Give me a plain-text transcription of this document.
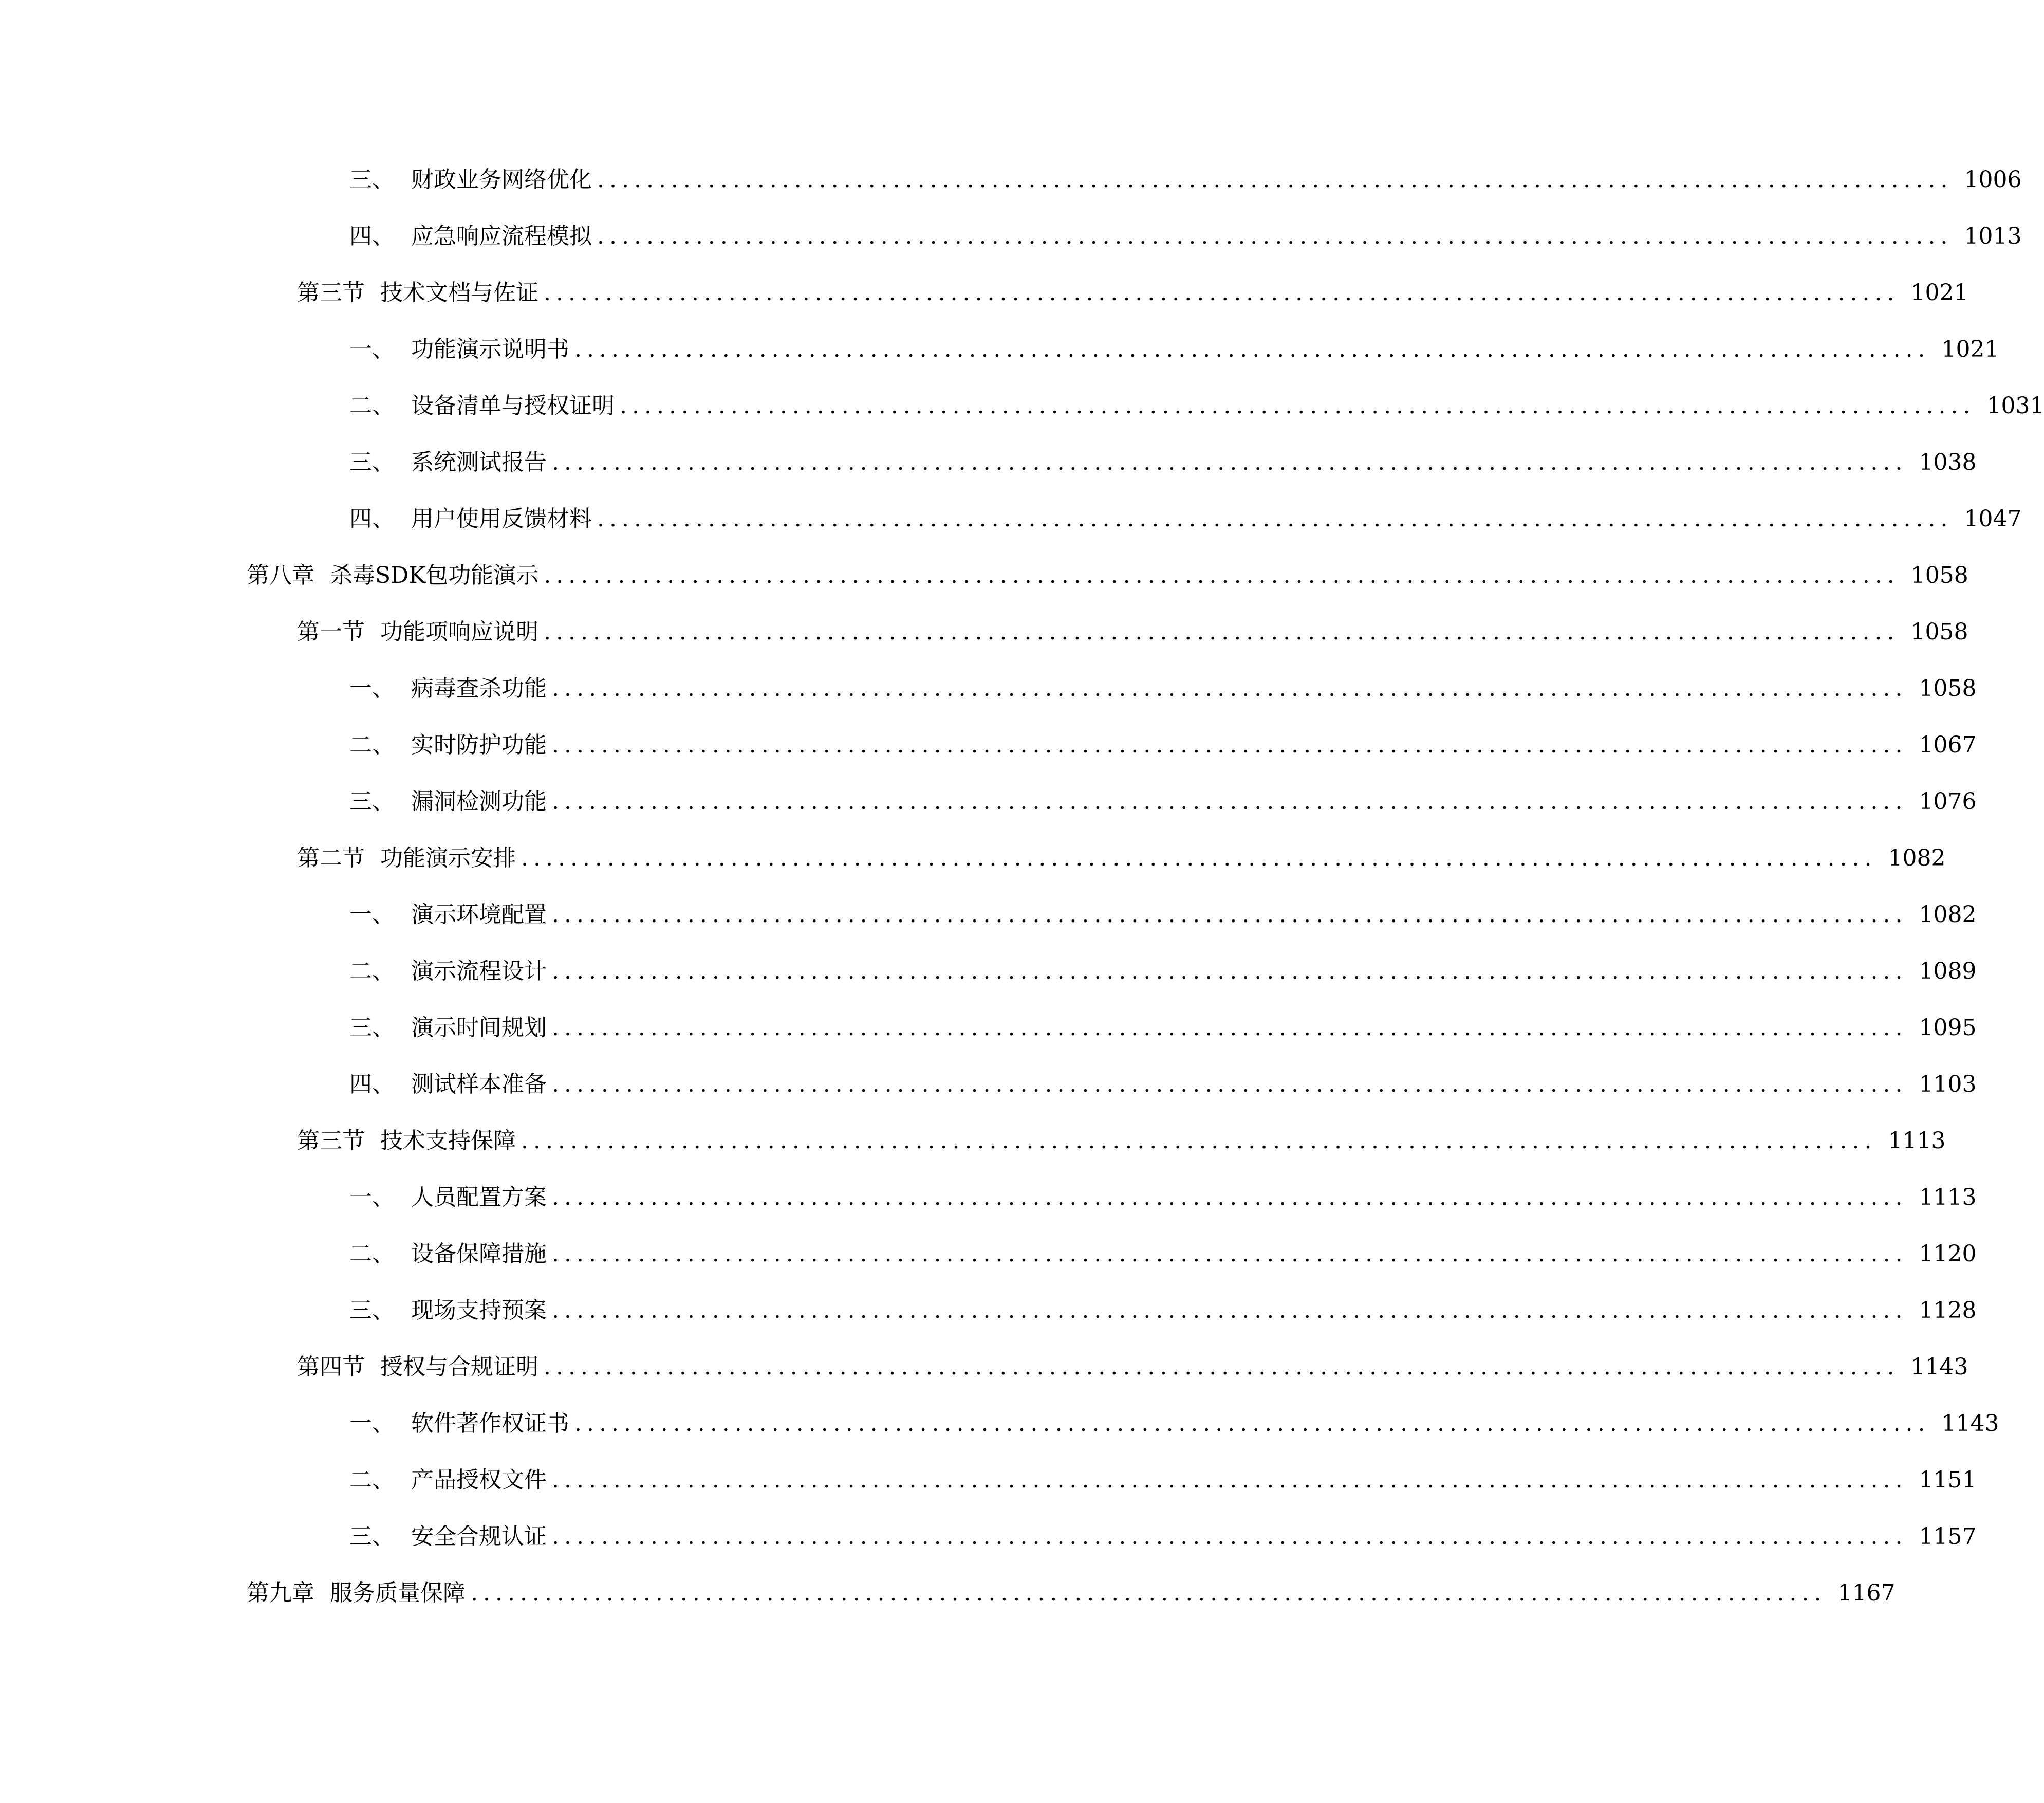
三、 财政业务网络优化 .............................................................................................................. 1006
四、 应急响应流程模拟 .............................................................................................................. 1013
第三节 技术文档与佐证 .............................................................................................................. 1021
一、 功能演示说明书 .............................................................................................................. 1021
二、 设备清单与授权证明 .............................................................................................................. 1031
三、 系统测试报告 .............................................................................................................. 1038
四、 用户使用反馈材料 .............................................................................................................. 1047
第八章 杀毒SDK包功能演示 .............................................................................................................. 1058
第一节 功能项响应说明 .............................................................................................................. 1058
一、 病毒查杀功能 .............................................................................................................. 1058
二、 实时防护功能 .............................................................................................................. 1067
三、 漏洞检测功能 .............................................................................................................. 1076
第二节 功能演示安排 .............................................................................................................. 1082
一、 演示环境配置 .............................................................................................................. 1082
二、 演示流程设计 .............................................................................................................. 1089
三、 演示时间规划 .............................................................................................................. 1095
四、 测试样本准备 .............................................................................................................. 1103
第三节 技术支持保障 .............................................................................................................. 1113
一、 人员配置方案 .............................................................................................................. 1113
二、 设备保障措施 .............................................................................................................. 1120
三、 现场支持预案 .............................................................................................................. 1128
第四节 授权与合规证明 .............................................................................................................. 1143
一、 软件著作权证书 .............................................................................................................. 1143
二、 产品授权文件 .............................................................................................................. 1151
三、 安全合规认证 .............................................................................................................. 1157
第九章 服务质量保障 .............................................................................................................. 1167
